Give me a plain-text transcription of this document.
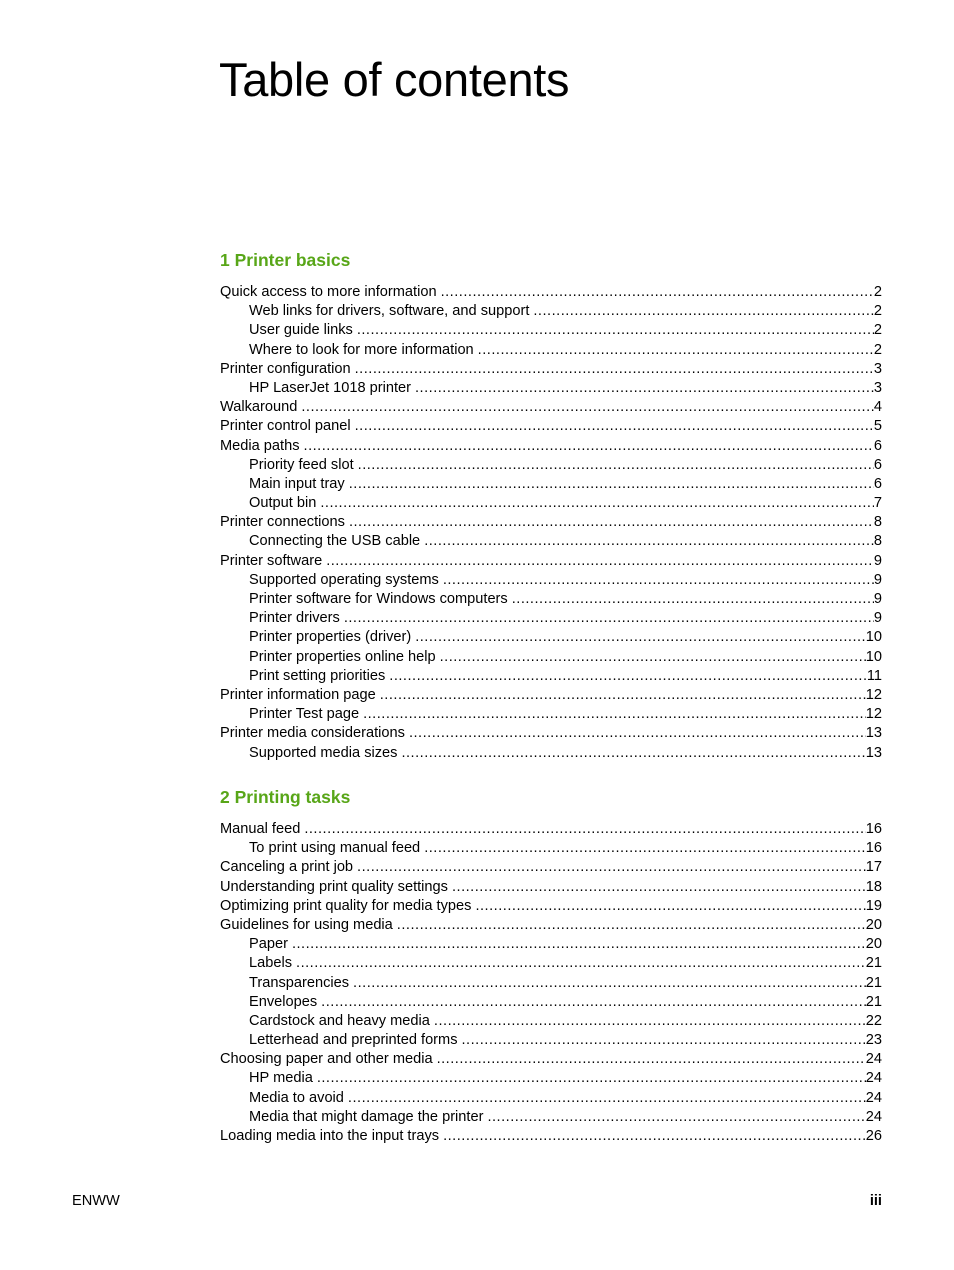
Table of contents
1 Printer basics
Quick access to more information .....	2
Web links for drivers, software, and support .....	2
User guide links .....	2
Where to look for more information .....	2
Printer configuration .....	3
HP LaserJet 1018 printer .....	3
Walkaround .....	4
Printer control panel .....	5
Media paths .....	6
Priority feed slot .....	6
Main input tray .....	6
Output bin .....	7
Printer connections .....	8
Connecting the USB cable .....	8
Printer software .....	9
Supported operating systems .....	9
Printer software for Windows computers .....	9
Printer drivers .....	9
Printer properties (driver) .....	10
Printer properties online help .....	10
Print setting priorities .....	11
Printer information page .....	12
Printer Test page .....	12
Printer media considerations .....	13
Supported media sizes .....	13
2 Printing tasks
Manual feed .....	16
To print using manual feed .....	16
Canceling a print job .....	17
Understanding print quality settings .....	18
Optimizing print quality for media types .....	19
Guidelines for using media .....	20
Paper .....	20
Labels .....	21
Transparencies .....	21
Envelopes .....	21
Cardstock and heavy media .....	22
Letterhead and preprinted forms .....	23
Choosing paper and other media .....	24
HP media .....	24
Media to avoid .....	24
Media that might damage the printer .....	24
Loading media into the input trays .....	26
ENWW	iii
